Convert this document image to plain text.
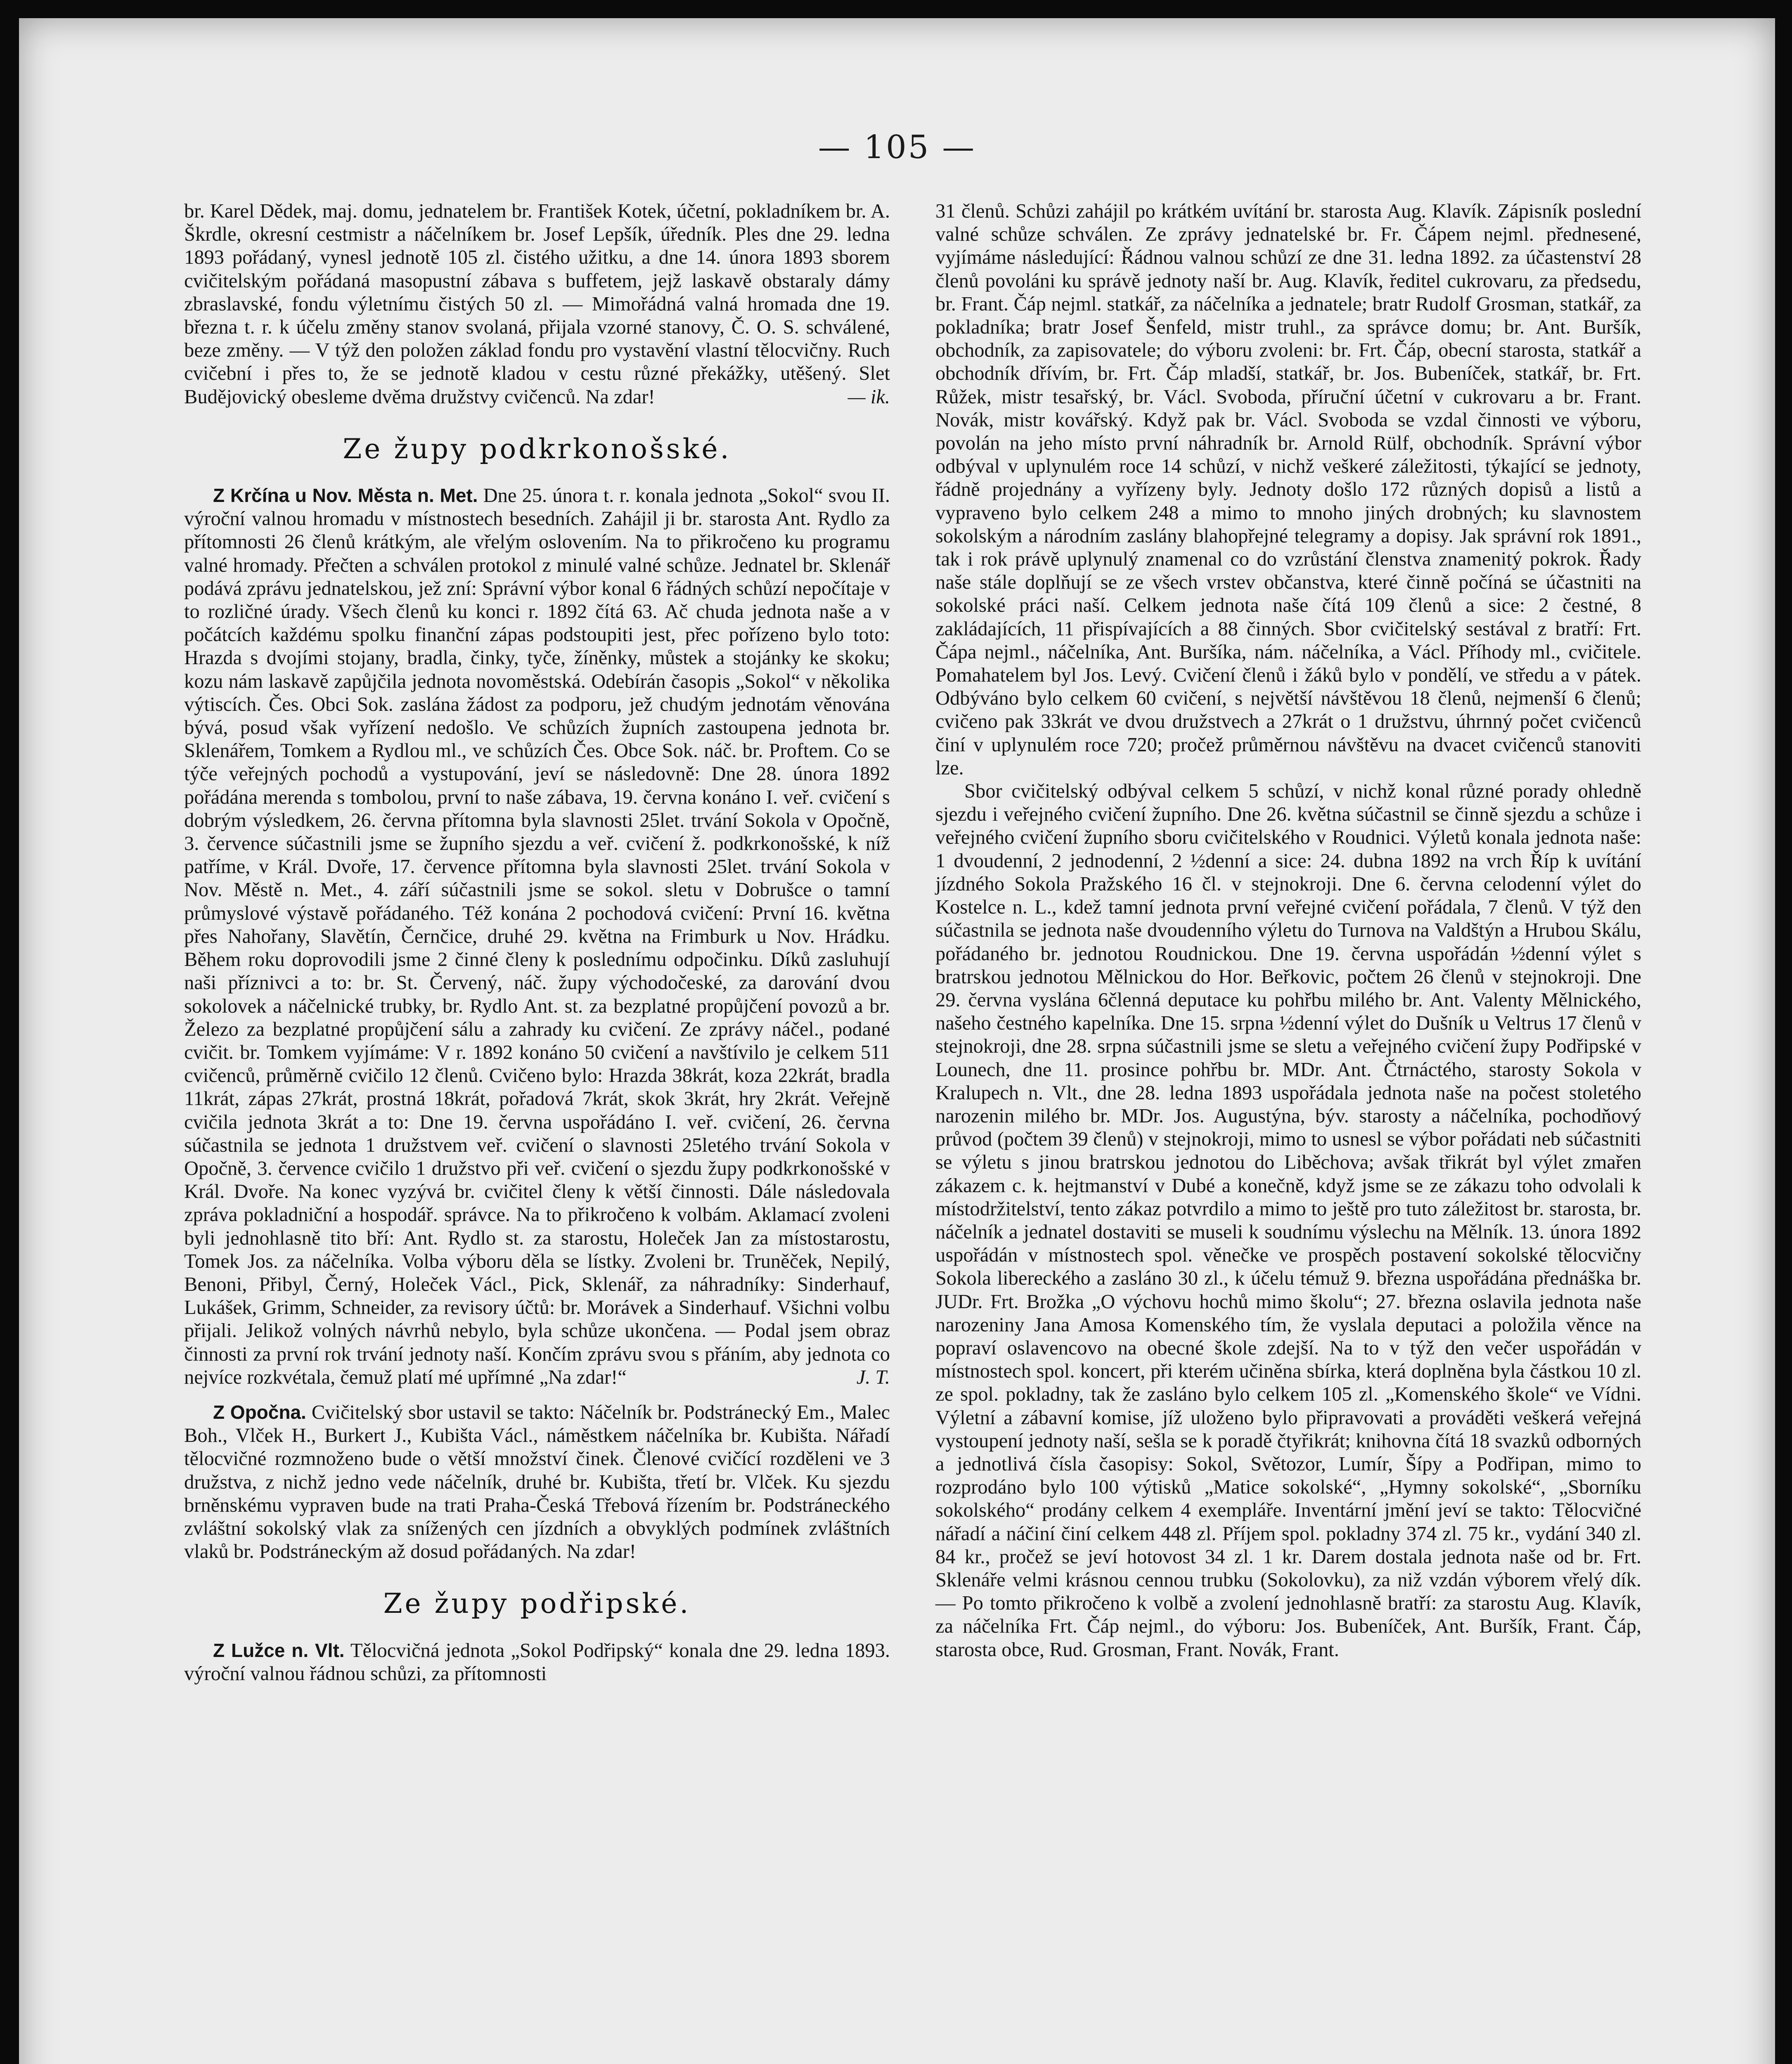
— 105 —

br. Karel Dědek, maj. domu, jednatelem br. František Kotek, účetní, pokladníkem br. A. Škrdle, okresní cestmistr a náčelníkem br. Josef Lepšík, úředník. Ples dne 29. ledna 1893 pořádaný, vynesl jednotě 105 zl. čistého užitku, a dne 14. února 1893 sborem cvičitelským pořádaná masopustní zábava s buffetem, jejž laskavě obstaraly dámy zbraslavské, fondu výletnímu čistých 50 zl. — Mimořádná valná hromada dne 19. března t. r. k účelu změny stanov svolaná, přijala vzorné stanovy, Č. O. S. schválené, beze změny. — V týž den položen základ fondu pro vystavění vlastní tělocvičny. Ruch cvičební i přes to, že se jednotě kladou v cestu různé překážky, utěšený. Slet Budějovický obesleme dvěma družstvy cvičenců. Na zdar!	— ik.

Ze župy podkrkonošské.

Z Krčína u Nov. Města n. Met. Dne 25. února t. r. konala jednota „Sokol“ svou II. výroční valnou hromadu v místnostech besedních. Zahájil ji br. starosta Ant. Rydlo za přítomnosti 26 členů krátkým, ale vřelým oslovením. Na to přikročeno ku programu valné hromady. Přečten a schválen protokol z minulé valné schůze. Jednatel br. Sklenář podává zprávu jednatelskou, jež zní: Správní výbor konal 6 řádných schůzí nepočítaje v to rozličné úrady. Všech členů ku konci r. 1892 čítá 63. Ač chuda jednota naše a v počátcích každému spolku finanční zápas podstoupiti jest, přec pořízeno bylo toto: Hrazda s dvojími stojany, bradla, činky, tyče, žíněnky, můstek a stojánky ke skoku; kozu nám laskavě zapůjčila jednota novoměstská. Odebírán časopis „Sokol“ v několika výtiscích. Čes. Obci Sok. zaslána žádost za podporu, jež chudým jednotám věnována bývá, posud však vyřízení nedošlo. Ve schůzích župních zastoupena jednota br. Sklenářem, Tomkem a Rydlou ml., ve schůzích Čes. Obce Sok. náč. br. Proftem. Co se týče veřejných pochodů a vystupování, jeví se následovně: Dne 28. února 1892 pořádána merenda s tombolou, první to naše zábava, 19. června konáno I. veř. cvičení s dobrým výsledkem, 26. června přítomna byla slavnosti 25let. trvání Sokola v Opočně, 3. července súčastnili jsme se župního sjezdu a veř. cvičení ž. podkrkonošské, k níž patříme, v Král. Dvoře, 17. července přítomna byla slavnosti 25let. trvání Sokola v Nov. Městě n. Met., 4. září súčastnili jsme se sokol. sletu v Dobrušce o tamní průmyslové výstavě pořádaného. Též konána 2 pochodová cvičení: První 16. května přes Nahořany, Slavětín, Černčice, druhé 29. května na Frimburk u Nov. Hrádku. Během roku doprovodili jsme 2 činné členy k poslednímu odpočinku. Díků zasluhují naši příznivci a to: br. St. Červený, náč. župy východočeské, za darování dvou sokolovek a náčelnické trubky, br. Rydlo Ant. st. za bezplatné propůjčení povozů a br. Železo za bezplatné propůjčení sálu a zahrady ku cvičení. Ze zprávy náčel., podané cvičit. br. Tomkem vyjímáme: V r. 1892 konáno 50 cvičení a navštívilo je celkem 511 cvičenců, průměrně cvičilo 12 členů. Cvičeno bylo: Hrazda 38krát, koza 22krát, bradla 11krát, zápas 27krát, prostná 18krát, pořadová 7krát, skok 3krát, hry 2krát. Veřejně cvičila jednota 3krát a to: Dne 19. června uspořádáno I. veř. cvičení, 26. června súčastnila se jednota 1 družstvem veř. cvičení o slavnosti 25letého trvání Sokola v Opočně, 3. července cvičilo 1 družstvo při veř. cvičení o sjezdu župy podkrkonošské v Král. Dvoře. Na konec vyzývá br. cvičitel členy k větší činnosti. Dále následovala zpráva pokladniční a hospodář. správce. Na to přikročeno k volbám. Aklamací zvoleni byli jednohlasně tito bří: Ant. Rydlo st. za starostu, Holeček Jan za místostarostu, Tomek Jos. za náčelníka. Volba výboru děla se lístky. Zvoleni br. Truněček, Nepilý, Benoni, Přibyl, Černý, Holeček Václ., Pick, Sklenář, za náhradníky: Sinderhauf, Lukášek, Grimm, Schneider, za revisory účtů: br. Morávek a Sinderhauf. Všichni volbu přijali. Jelikož volných návrhů nebylo, byla schůze ukončena. — Podal jsem obraz činnosti za první rok trvání jednoty naší. Končím zprávu svou s přáním, aby jednota co nejvíce rozkvétala, čemuž platí mé upřímné „Na zdar!“	J. T.

Z Opočna. Cvičitelský sbor ustavil se takto: Náčelník br. Podstránecký Em., Malec Boh., Vlček H., Burkert J., Kubišta Václ., náměstkem náčelníka br. Kubišta. Nářadí tělocvičné rozmnoženo bude o větší množství činek. Členové cvičící rozděleni ve 3 družstva, z nichž jedno vede náčelník, druhé br. Kubišta, třetí br. Vlček. Ku sjezdu brněnskému vypraven bude na trati Praha-Česká Třebová řízením br. Podstráneckého zvláštní sokolský vlak za snížených cen jízdních a obvyklých podmínek zvláštních vlaků br. Podstráneckým až dosud pořádaných. Na zdar!

Ze župy podřipské.

Z Lužce n. Vlt. Tělocvičná jednota „Sokol Podřipský“ konala dne 29. ledna 1893. výroční valnou řádnou schůzi, za přítomnosti

31 členů. Schůzi zahájil po krátkém uvítání br. starosta Aug. Klavík. Zápisník poslední valné schůze schválen. Ze zprávy jednatelské br. Fr. Čápem nejml. přednesené, vyjímáme následující: Řádnou valnou schůzí ze dne 31. ledna 1892. za účastenství 28 členů povoláni ku správě jednoty naší br. Aug. Klavík, ředitel cukrovaru, za předsedu, br. Frant. Čáp nejml. statkář, za náčelníka a jednatele; bratr Rudolf Grosman, statkář, za pokladníka; bratr Josef Šenfeld, mistr truhl., za správce domu; br. Ant. Buršík, obchodník, za zapisovatele; do výboru zvoleni: br. Frt. Čáp, obecní starosta, statkář a obchodník dřívím, br. Frt. Čáp mladší, statkář, br. Jos. Bubeníček, statkář, br. Frt. Růžek, mistr tesařský, br. Václ. Svoboda, příruční účetní v cukrovaru a br. Frant. Novák, mistr kovářský. Když pak br. Václ. Svoboda se vzdal činnosti ve výboru, povolán na jeho místo první náhradník br. Arnold Rülf, obchodník. Správní výbor odbýval v uplynulém roce 14 schůzí, v nichž veškeré záležitosti, týkající se jednoty, řádně projednány a vyřízeny byly. Jednoty došlo 172 různých dopisů a listů a vypraveno bylo celkem 248 a mimo to mnoho jiných drobných; ku slavnostem sokolským a národním zaslány blahopřejné telegramy a dopisy. Jak správní rok 1891., tak i rok právě uplynulý znamenal co do vzrůstání členstva znamenitý pokrok. Řady naše stále doplňují se ze všech vrstev občanstva, které činně počíná se účastniti na sokolské práci naší. Celkem jednota naše čítá 109 členů a sice: 2 čestné, 8 zakládajících, 11 přispívajících a 88 činných. Sbor cvičitelský sestával z bratří: Frt. Čápa nejml., náčelníka, Ant. Buršíka, nám. náčelníka, a Václ. Příhody ml., cvičitele. Pomahatelem byl Jos. Levý. Cvičení členů i žáků bylo v pondělí, ve středu a v pátek. Odbýváno bylo celkem 60 cvičení, s největší návštěvou 18 členů, nejmenší 6 členů; cvičeno pak 33krát ve dvou družstvech a 27krát o 1 družstvu, úhrnný počet cvičenců činí v uplynulém roce 720; pročež průměrnou návštěvu na dvacet cvičenců stanoviti lze.

Sbor cvičitelský odbýval celkem 5 schůzí, v nichž konal různé porady ohledně sjezdu i veřejného cvičení župního. Dne 26. května súčastnil se činně sjezdu a schůze i veřejného cvičení župního sboru cvičitelského v Roudnici. Výletů konala jednota naše: 1 dvoudenní, 2 jednodenní, 2 ½denní a sice: 24. dubna 1892 na vrch Říp k uvítání jízdného Sokola Pražského 16 čl. v stejnokroji. Dne 6. června celodenní výlet do Kostelce n. L., kdež tamní jednota první veřejné cvičení pořádala, 7 členů. V týž den súčastnila se jednota naše dvoudenního výletu do Turnova na Valdštýn a Hrubou Skálu, pořádaného br. jednotou Roudnickou. Dne 19. června uspořádán ½denní výlet s bratrskou jednotou Mělnickou do Hor. Beřkovic, počtem 26 členů v stejnokroji. Dne 29. června vyslána 6členná deputace ku pohřbu milého br. Ant. Valenty Mělnického, našeho čestného kapelníka. Dne 15. srpna ½denní výlet do Dušník u Veltrus 17 členů v stejnokroji, dne 28. srpna súčastnili jsme se sletu a veřejného cvičení župy Podřipské v Lounech, dne 11. prosince pohřbu br. MDr. Ant. Čtrnáctého, starosty Sokola v Kralupech n. Vlt., dne 28. ledna 1893 uspořádala jednota naše na počest stoletého narozenin milého br. MDr. Jos. Augustýna, býv. starosty a náčelníka, pochodňový průvod (počtem 39 členů) v stejnokroji, mimo to usnesl se výbor pořádati neb súčastniti se výletu s jinou bratrskou jednotou do Liběchova; avšak třikrát byl výlet zmařen zákazem c. k. hejtmanství v Dubé a konečně, když jsme se ze zákazu toho odvolali k místodržitelství, tento zákaz potvrdilo a mimo to ještě pro tuto záležitost br. starosta, br. náčelník a jednatel dostaviti se museli k soudnímu výslechu na Mělník. 13. února 1892 uspořádán v místnostech spol. věnečke ve prospěch postavení sokolské tělocvičny Sokola libereckého a zasláno 30 zl., k účelu témuž 9. března uspořádána přednáška br. JUDr. Frt. Brožka „O výchovu hochů mimo školu“; 27. března oslavila jednota naše narozeniny Jana Amosa Komenského tím, že vyslala deputaci a položila věnce na popraví oslavencovo na obecné škole zdejší. Na to v týž den večer uspořádán v místnostech spol. koncert, při kterém učiněna sbírka, která doplněna byla částkou 10 zl. ze spol. pokladny, tak že zasláno bylo celkem 105 zl. „Komenského škole“ ve Vídni. Výletní a zábavní komise, jíž uloženo bylo připravovati a prováděti veškerá veřejná vystoupení jednoty naší, sešla se k poradě čtyřikrát; knihovna čítá 18 svazků odborných a jednotlivá čísla časopisy: Sokol, Světozor, Lumír, Šípy a Podřipan, mimo to rozprodáno bylo 100 výtisků „Matice sokolské“, „Hymny sokolské“, „Sborníku sokolského“ prodány celkem 4 exempláře. Inventární jmění jeví se takto: Tělocvičné nářadí a náčiní činí celkem 448 zl. Příjem spol. pokladny 374 zl. 75 kr., vydání 340 zl. 84 kr., pročež se jeví hotovost 34 zl. 1 kr. Darem dostala jednota naše od br. Frt. Sklenáře velmi krásnou cennou trubku (Sokolovku), za niž vzdán výborem vřelý dík. — Po tomto přikročeno k volbě a zvolení jednohlasně bratří: za starostu Aug. Klavík, za náčelníka Frt. Čáp nejml., do výboru: Jos. Bubeníček, Ant. Buršík, Frant. Čáp, starosta obce, Rud. Grosman, Frant. Novák, Frant.
